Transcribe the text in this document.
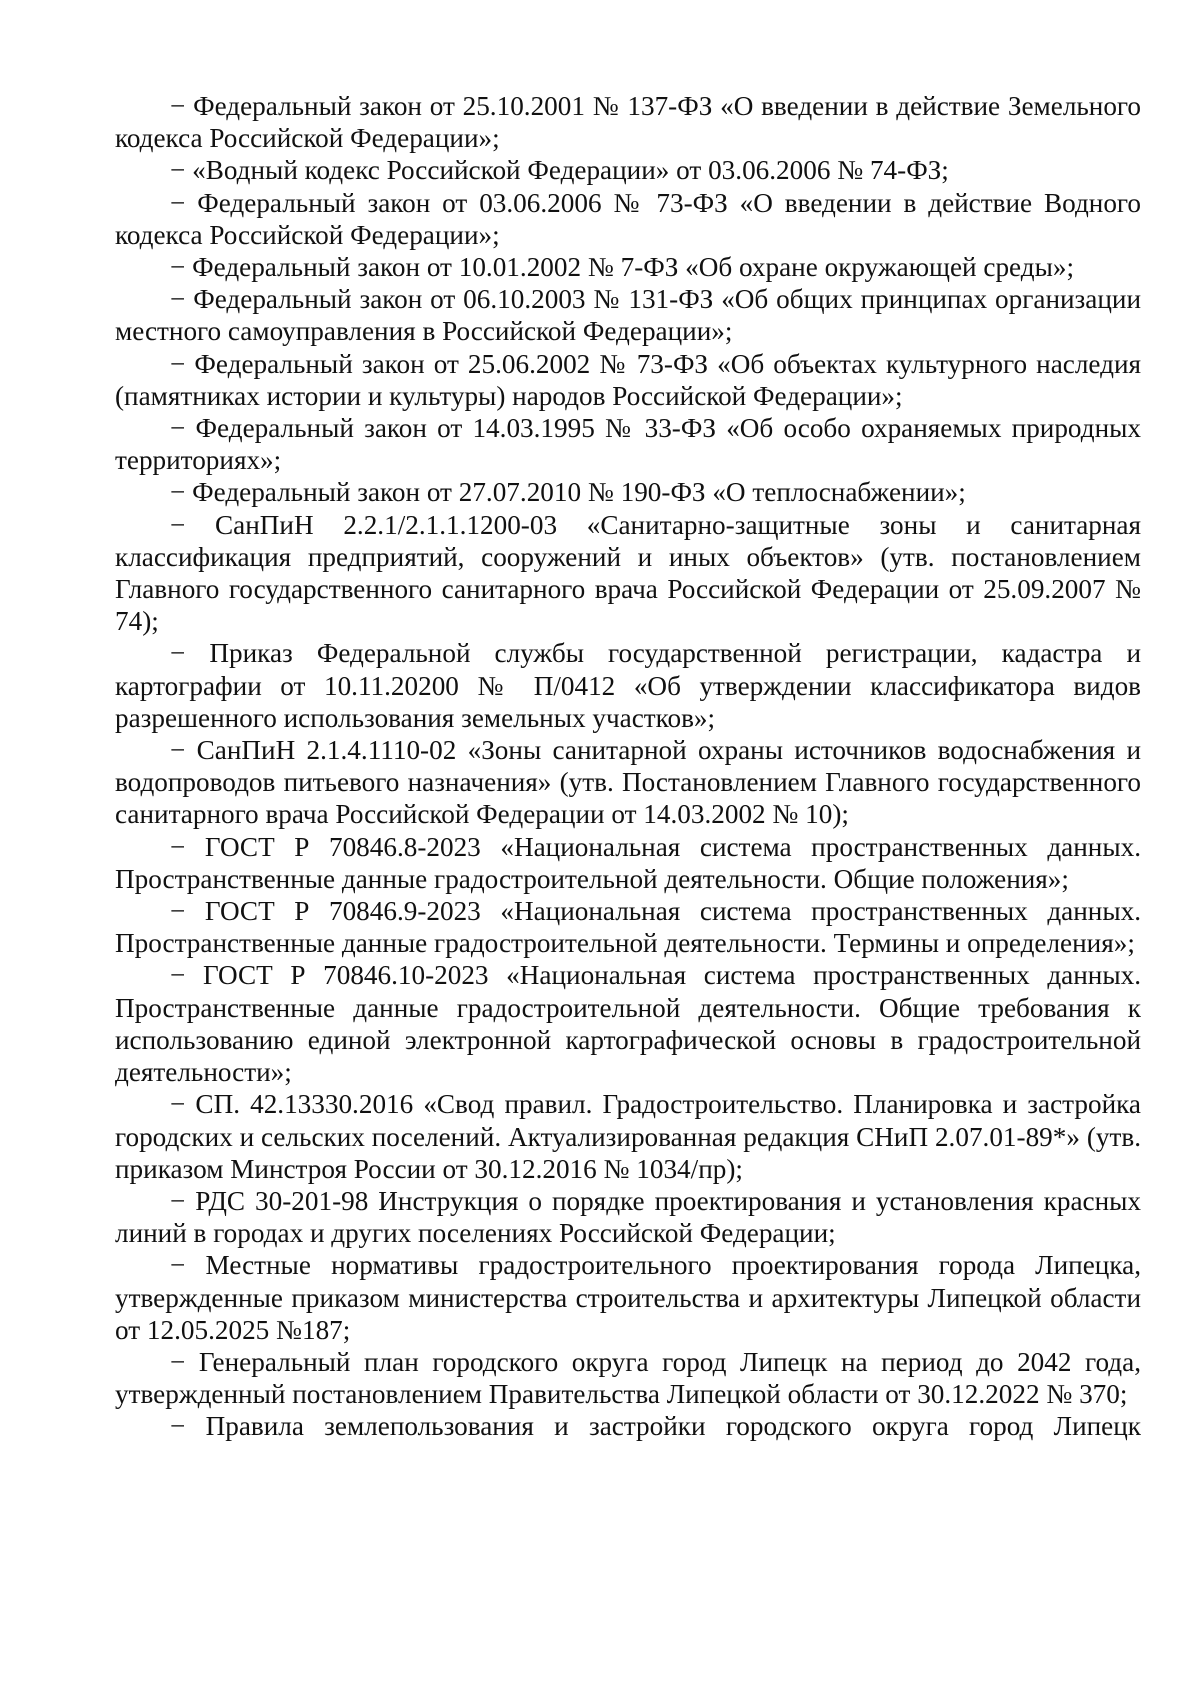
− Федеральный закон от 25.10.2001 № 137-ФЗ «О введении в действие Земельного кодекса Российской Федерации»;

− «Водный кодекс Российской Федерации» от 03.06.2006 № 74-ФЗ;

− Федеральный закон от 03.06.2006 № 73-ФЗ «О введении в действие Водного кодекса Российской Федерации»;

− Федеральный закон от 10.01.2002 № 7-ФЗ «Об охране окружающей среды»;

− Федеральный закон от 06.10.2003 № 131-ФЗ «Об общих принципах организации местного самоуправления в Российской Федерации»;

− Федеральный закон от 25.06.2002 № 73-ФЗ «Об объектах культурного наследия (памятниках истории и культуры) народов Российской Федерации»;

− Федеральный закон от 14.03.1995 № 33-ФЗ «Об особо охраняемых природных территориях»;

− Федеральный закон от 27.07.2010 № 190-ФЗ «О теплоснабжении»;

− СанПиН 2.2.1/2.1.1.1200-03 «Санитарно-защитные зоны и санитарная классификация предприятий, сооружений и иных объектов» (утв. постановлением Главного государственного санитарного врача Российской Федерации от 25.09.2007 № 74);

− Приказ Федеральной службы государственной регистрации, кадастра и картографии от 10.11.20200 № П/0412 «Об утверждении классификатора видов разрешенного использования земельных участков»;

− СанПиН 2.1.4.1110-02 «Зоны санитарной охраны источников водоснабжения и водопроводов питьевого назначения» (утв. Постановлением Главного государственного санитарного врача Российской Федерации от 14.03.2002 № 10);

− ГОСТ Р 70846.8-2023 «Национальная система пространственных данных. Пространственные данные градостроительной деятельности. Общие положения»;

− ГОСТ Р 70846.9-2023 «Национальная система пространственных данных. Пространственные данные градостроительной деятельности. Термины и определения»;

− ГОСТ Р 70846.10-2023 «Национальная система пространственных данных. Пространственные данные градостроительной деятельности. Общие требования к использованию единой электронной картографической основы в градостроительной деятельности»;

− СП. 42.13330.2016 «Свод правил. Градостроительство. Планировка и застройка городских и сельских поселений. Актуализированная редакция СНиП 2.07.01-89*» (утв. приказом Минстроя России от 30.12.2016 № 1034/пр);

− РДС 30-201-98 Инструкция о порядке проектирования и установления красных линий в городах и других поселениях Российской Федерации;

− Местные нормативы градостроительного проектирования города Липецка, утвержденные приказом министерства строительства и архитектуры Липецкой области от 12.05.2025 №187;

− Генеральный план городского округа город Липецк на период до 2042 года, утвержденный постановлением Правительства Липецкой области от 30.12.2022 № 370;

− Правила землепользования и застройки городского округа город Липецк
